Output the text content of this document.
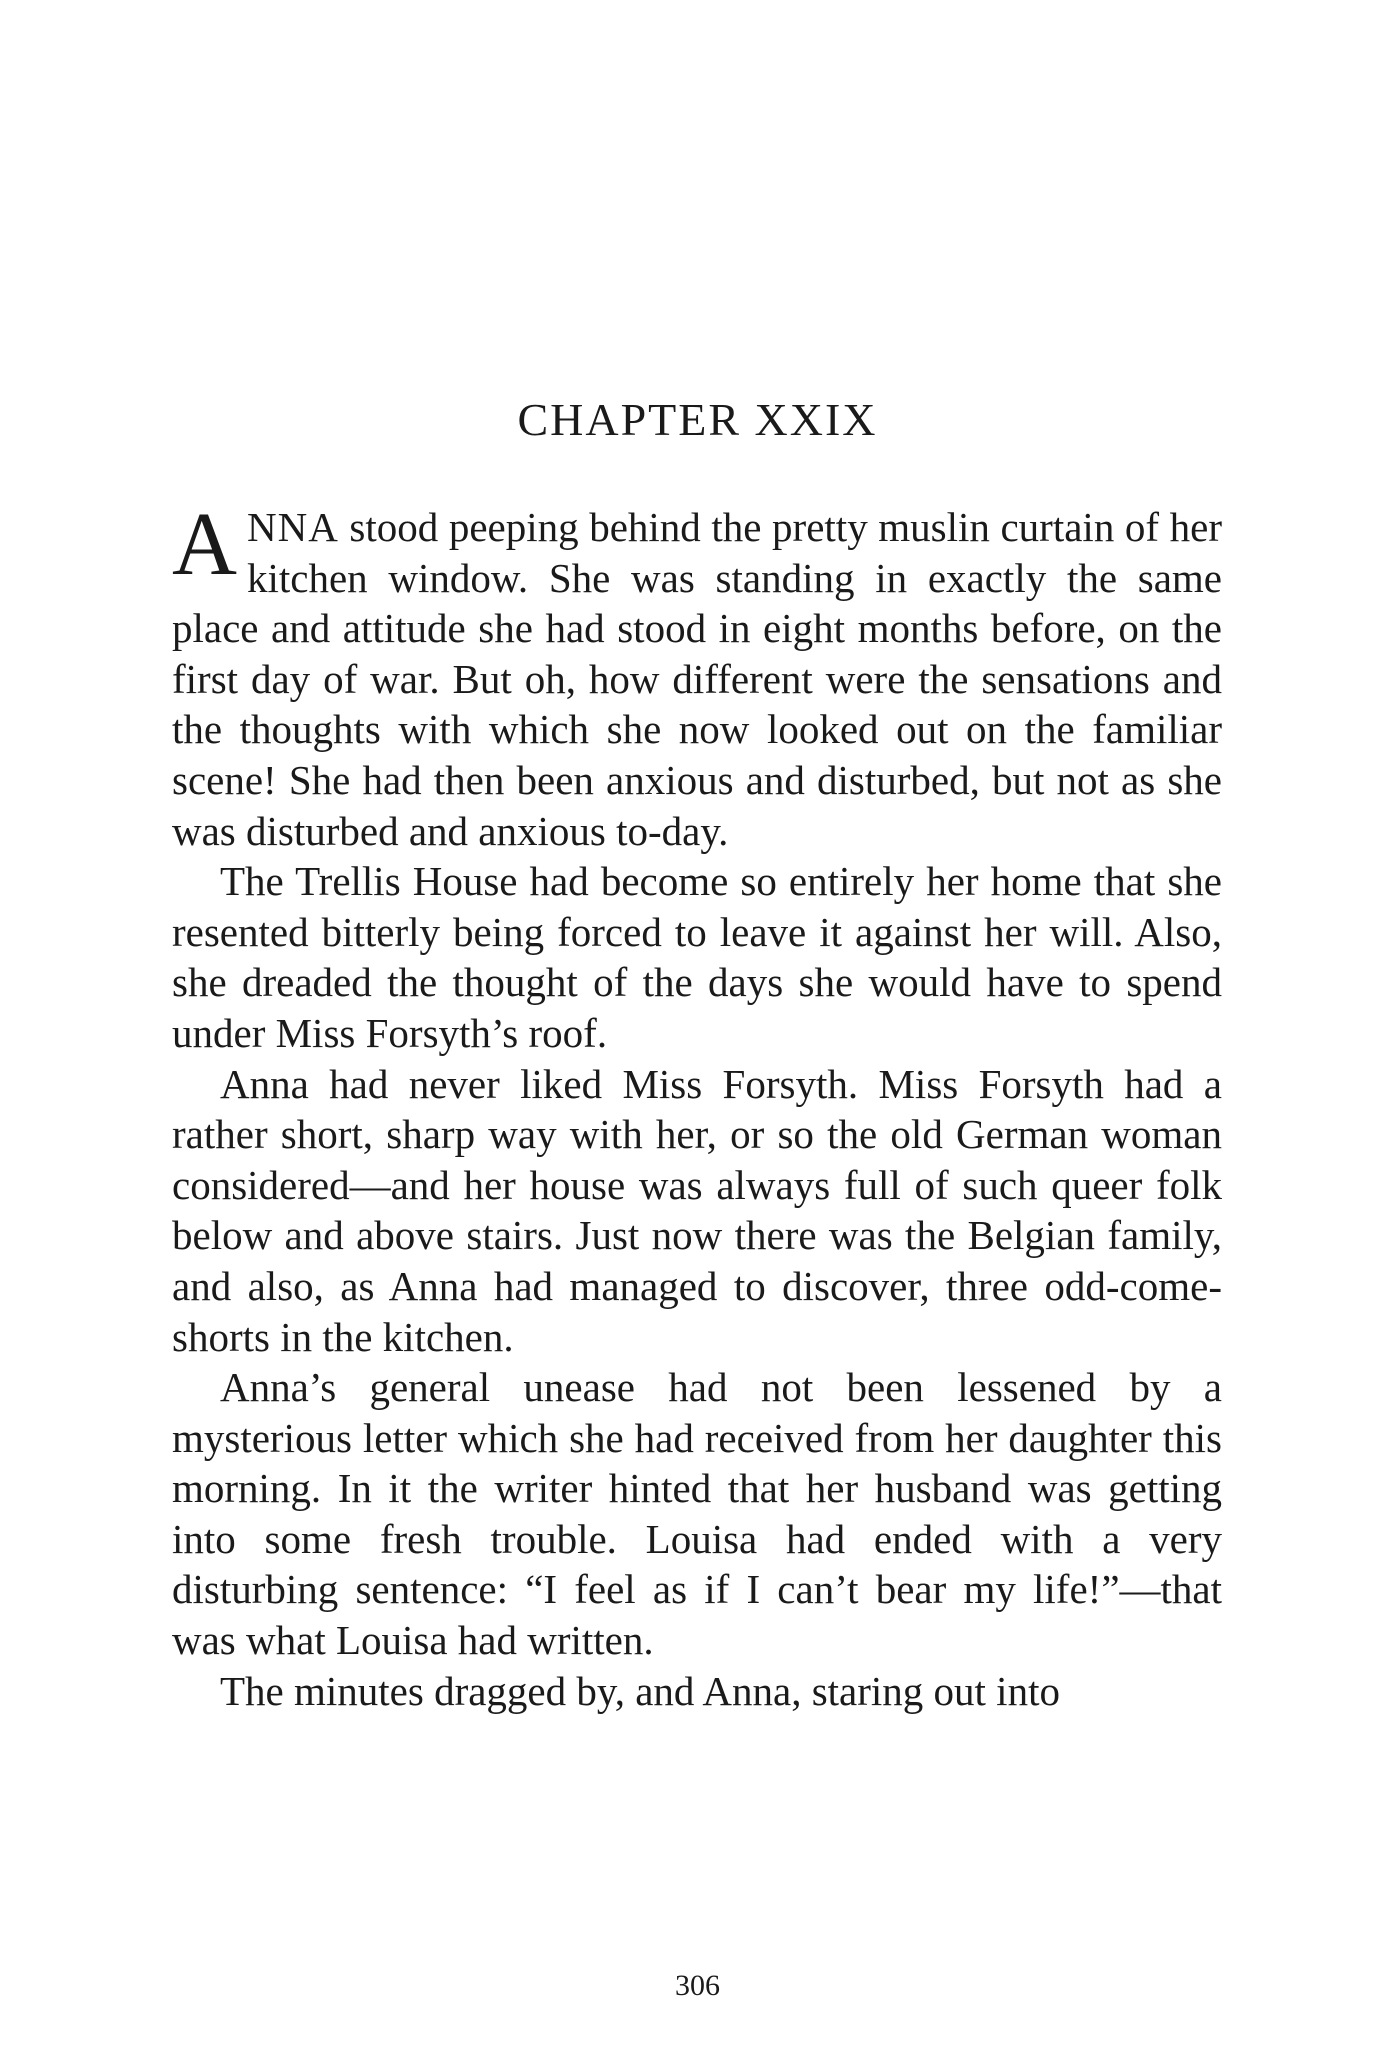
CHAPTER XXIX

ANNA stood peeping behind the pretty muslin curtain of her kitchen window. She was standing in exactly the same place and attitude she had stood in eight months before, on the first day of war. But oh, how different were the sensations and the thoughts with which she now looked out on the familiar scene! She had then been anxious and disturbed, but not as she was disturbed and anxious to-day.

The Trellis House had become so entirely her home that she resented bitterly being forced to leave it against her will. Also, she dreaded the thought of the days she would have to spend under Miss Forsyth’s roof.

Anna had never liked Miss Forsyth. Miss Forsyth had a rather short, sharp way with her, or so the old German woman considered—and her house was always full of such queer folk below and above stairs. Just now there was the Belgian family, and also, as Anna had managed to discover, three odd-come-shorts in the kitchen.

Anna’s general unease had not been lessened by a mysterious letter which she had received from her daughter this morning. In it the writer hinted that her husband was getting into some fresh trouble. Louisa had ended with a very disturbing sentence: “I feel as if I can’t bear my life!”—that was what Louisa had written.

The minutes dragged by, and Anna, staring out into

306
